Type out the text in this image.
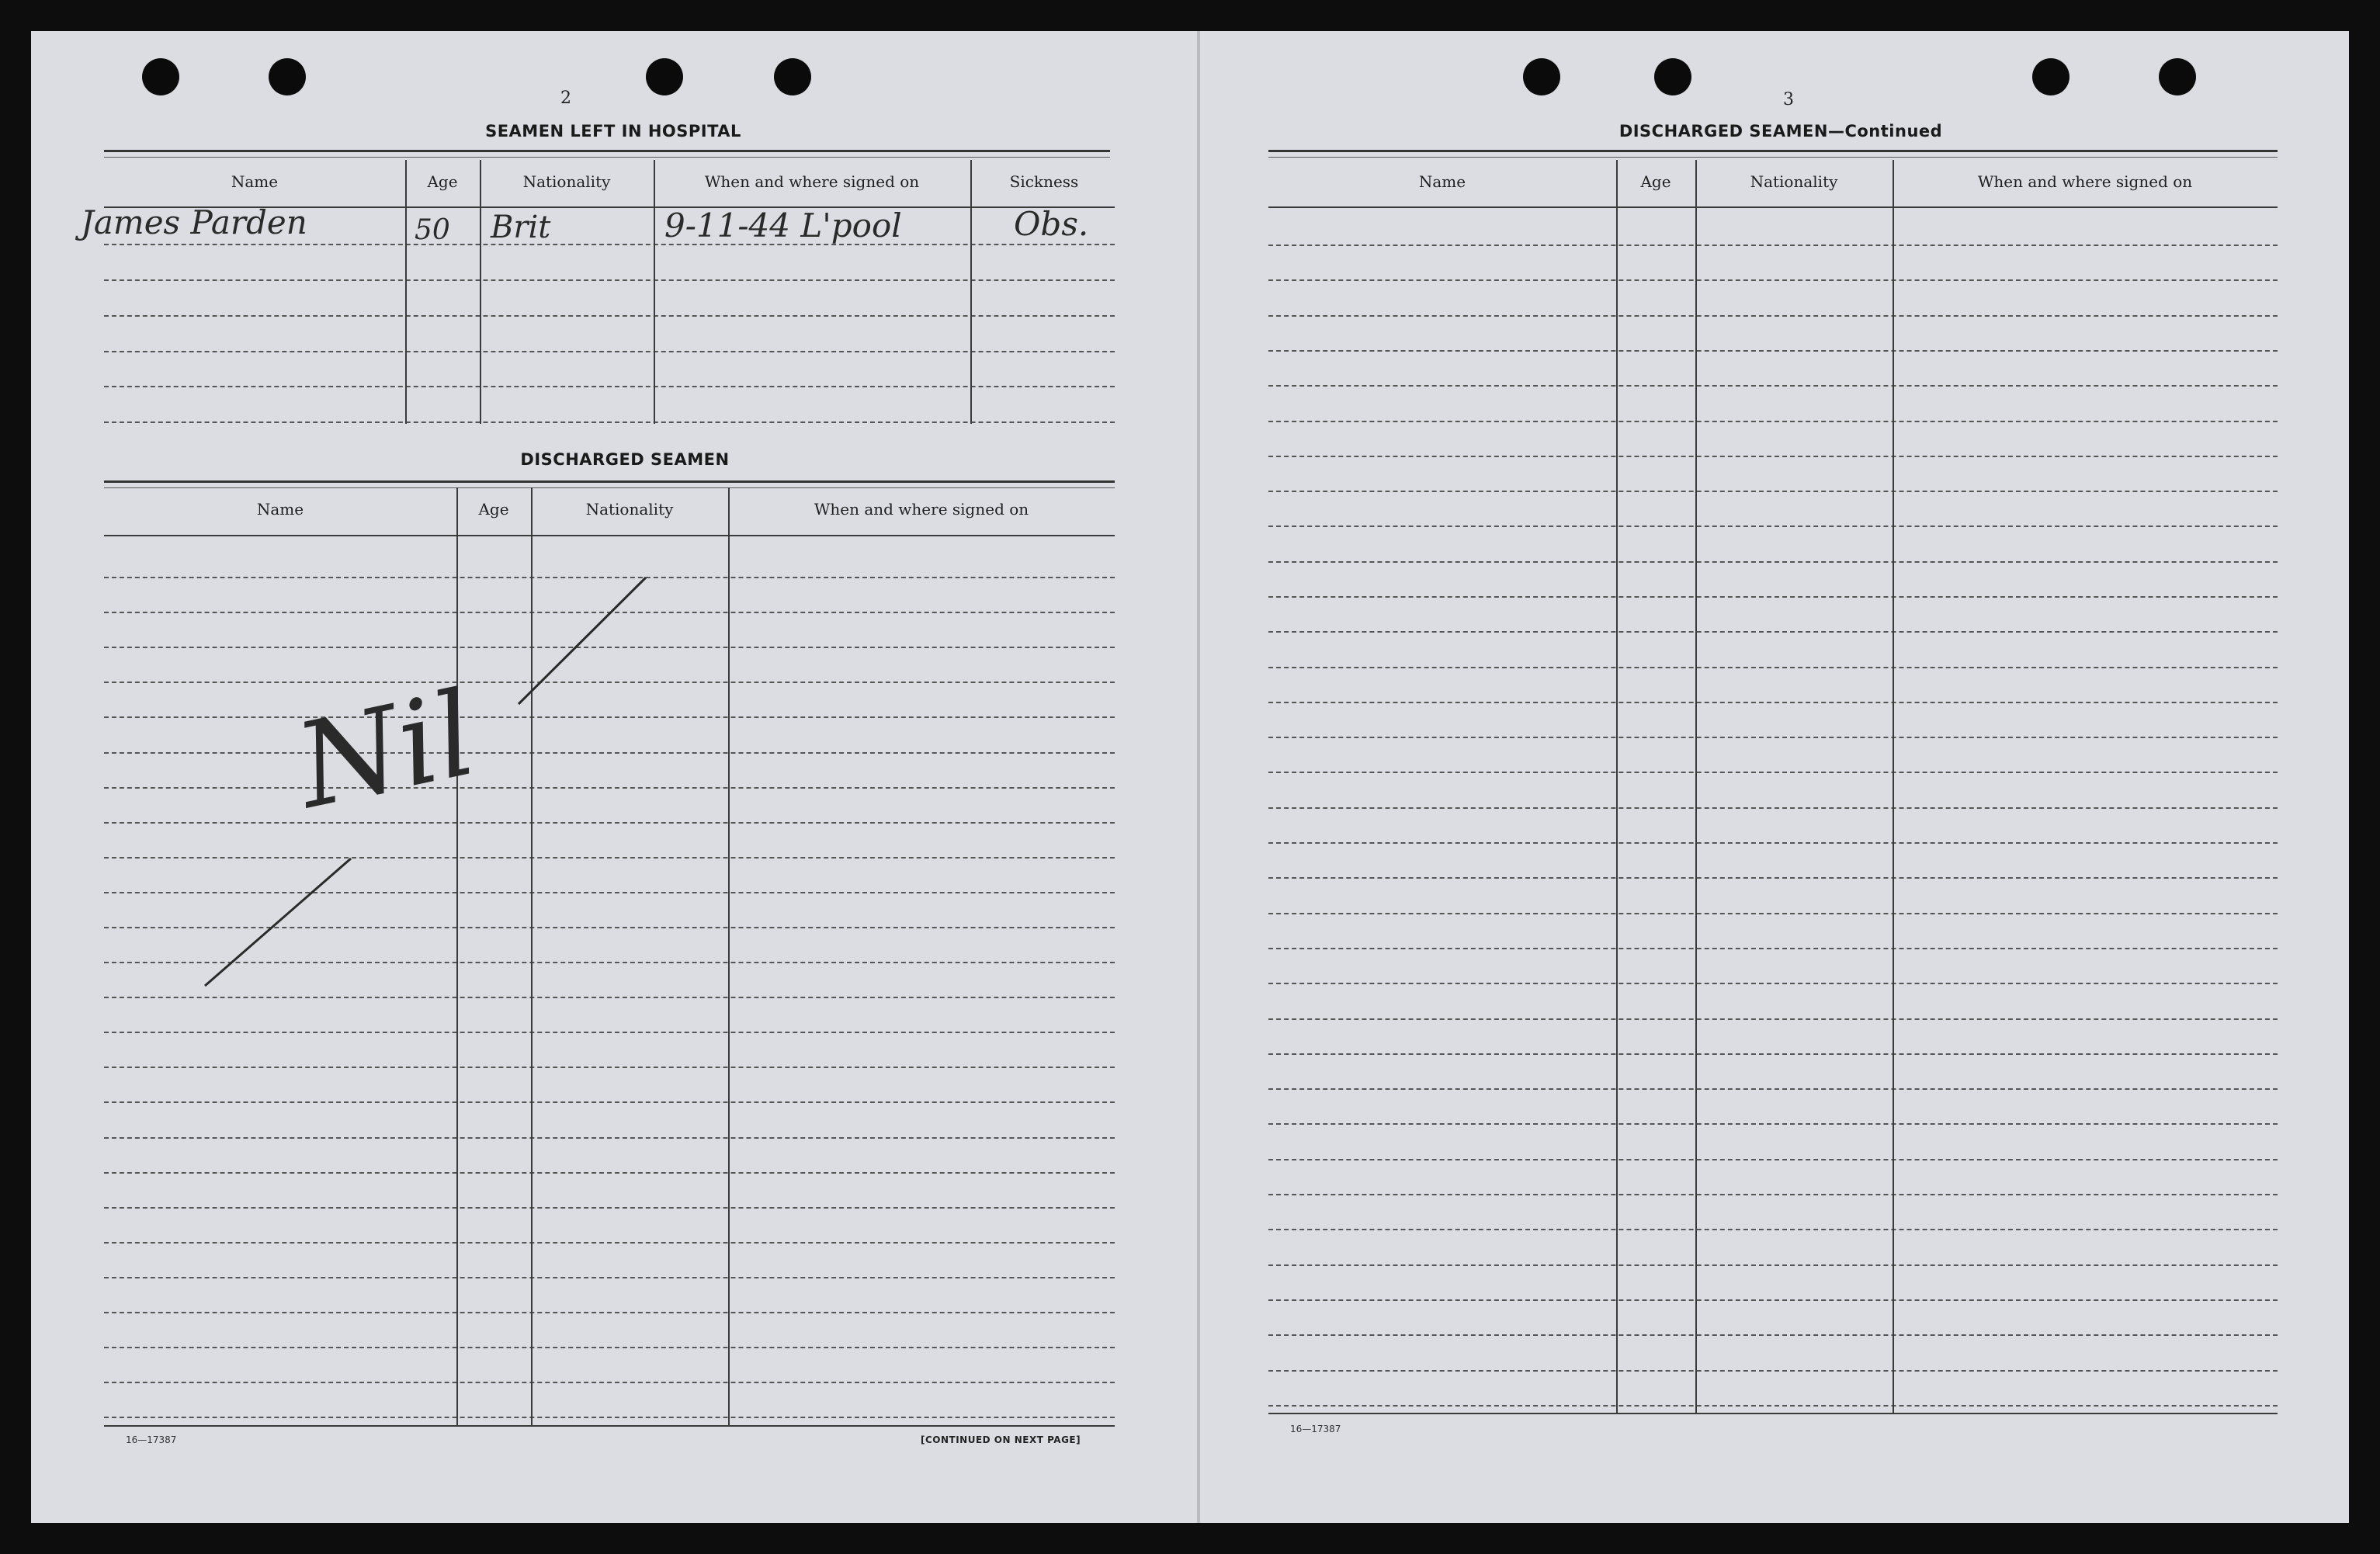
2
SEAMEN LEFT IN HOSPITAL
Name	Age	Nationality	When and where signed on	Sickness
James Parden	50 Brit	9-11-44 L'pool	Obs.
DISCHARGED SEAMEN
Name	Age	Nationality	When and where signed on
Nil
16—17387	[CONTINUED ON NEXT PAGE]
3
DISCHARGED SEAMEN—Continued
Name	Age	Nationality	When and where signed on
16—17387
